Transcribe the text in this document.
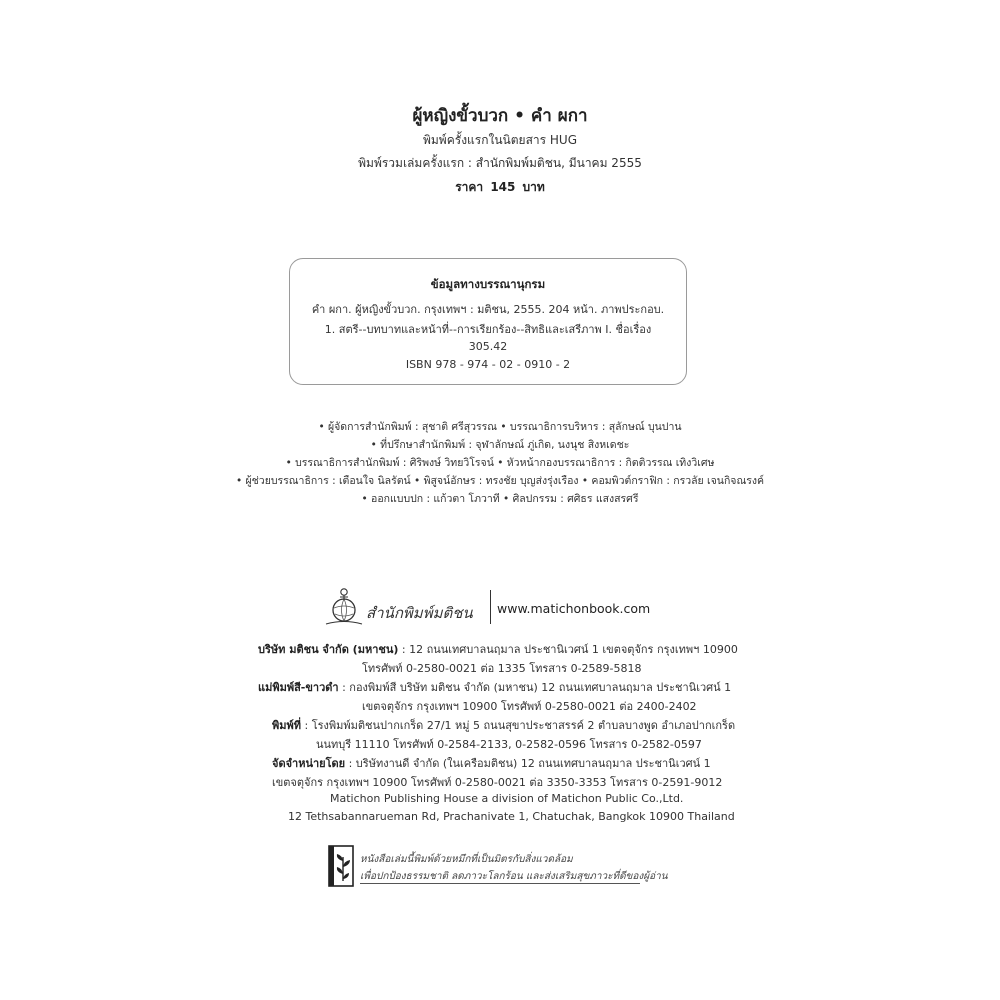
ผู้หญิงขั้วบวก • คำ ผกา
พิมพ์ครั้งแรกในนิตยสาร HUG
พิมพ์รวมเล่มครั้งแรก : สำนักพิมพ์มติชน, มีนาคม 2555
ราคา 145 บาท
ข้อมูลทางบรรณานุกรม
คำ ผกา. ผู้หญิงขั้วบวก. กรุงเทพฯ : มติชน, 2555. 204 หน้า. ภาพประกอบ.
1. สตรี--บทบาทและหน้าที่--การเรียกร้อง--สิทธิและเสรีภาพ I. ชื่อเรื่อง
305.42
ISBN 978 - 974 - 02 - 0910 - 2
• ผู้จัดการสำนักพิมพ์ : สุชาติ ศรีสุวรรณ • บรรณาธิการบริหาร : สุลักษณ์ บุนปาน
• ที่ปรึกษาสำนักพิมพ์ : จุฬาลักษณ์ ภู่เกิด, นงนุช สิงหเดชะ
• บรรณาธิการสำนักพิมพ์ : ศิริพงษ์ วิทยวิโรจน์ • หัวหน้ากองบรรณาธิการ : กิตติวรรณ เทิงวิเศษ
• ผู้ช่วยบรรณาธิการ : เตือนใจ นิลรัตน์ • พิสูจน์อักษร : ทรงชัย บุญส่งรุ่งเรือง • คอมพิวต์กราฟิก : กรวลัย เจนกิจณรงค์
• ออกแบบปก : แก้วตา โภวาที • ศิลปกรรม : ศศิธร แสงสรศรี
สำนักพิมพ์มติชน www.matichonbook.com
บริษัท มติชน จำกัด (มหาชน) : 12 ถนนเทศบาลนฤมาล ประชานิเวศน์ 1 เขตจตุจักร กรุงเทพฯ 10900
โทรศัพท์ 0-2580-0021 ต่อ 1335 โทรสาร 0-2589-5818
แม่พิมพ์สี-ขาวดำ : กองพิมพ์สี บริษัท มติชน จำกัด (มหาชน) 12 ถนนเทศบาลนฤมาล ประชานิเวศน์ 1
เขตจตุจักร กรุงเทพฯ 10900 โทรศัพท์ 0-2580-0021 ต่อ 2400-2402
พิมพ์ที่ : โรงพิมพ์มติชนปากเกร็ด 27/1 หมู่ 5 ถนนสุขาประชาสรรค์ 2 ตำบลบางพูด อำเภอปากเกร็ด
นนทบุรี 11110 โทรศัพท์ 0-2584-2133, 0-2582-0596 โทรสาร 0-2582-0597
จัดจำหน่ายโดย : บริษัทงานดี จำกัด (ในเครือมติชน) 12 ถนนเทศบาลนฤมาล ประชานิเวศน์ 1
เขตจตุจักร กรุงเทพฯ 10900 โทรศัพท์ 0-2580-0021 ต่อ 3350-3353 โทรสาร 0-2591-9012
Matichon Publishing House a division of Matichon Public Co.,Ltd.
12 Tethsabannarueman Rd, Prachanivate 1, Chatuchak, Bangkok 10900 Thailand
หนังสือเล่มนี้พิมพ์ด้วยหมึกที่เป็นมิตรกับสิ่งแวดล้อม
เพื่อปกป้องธรรมชาติ ลดภาวะโลกร้อน และส่งเสริมสุขภาวะที่ดีของผู้อ่าน
